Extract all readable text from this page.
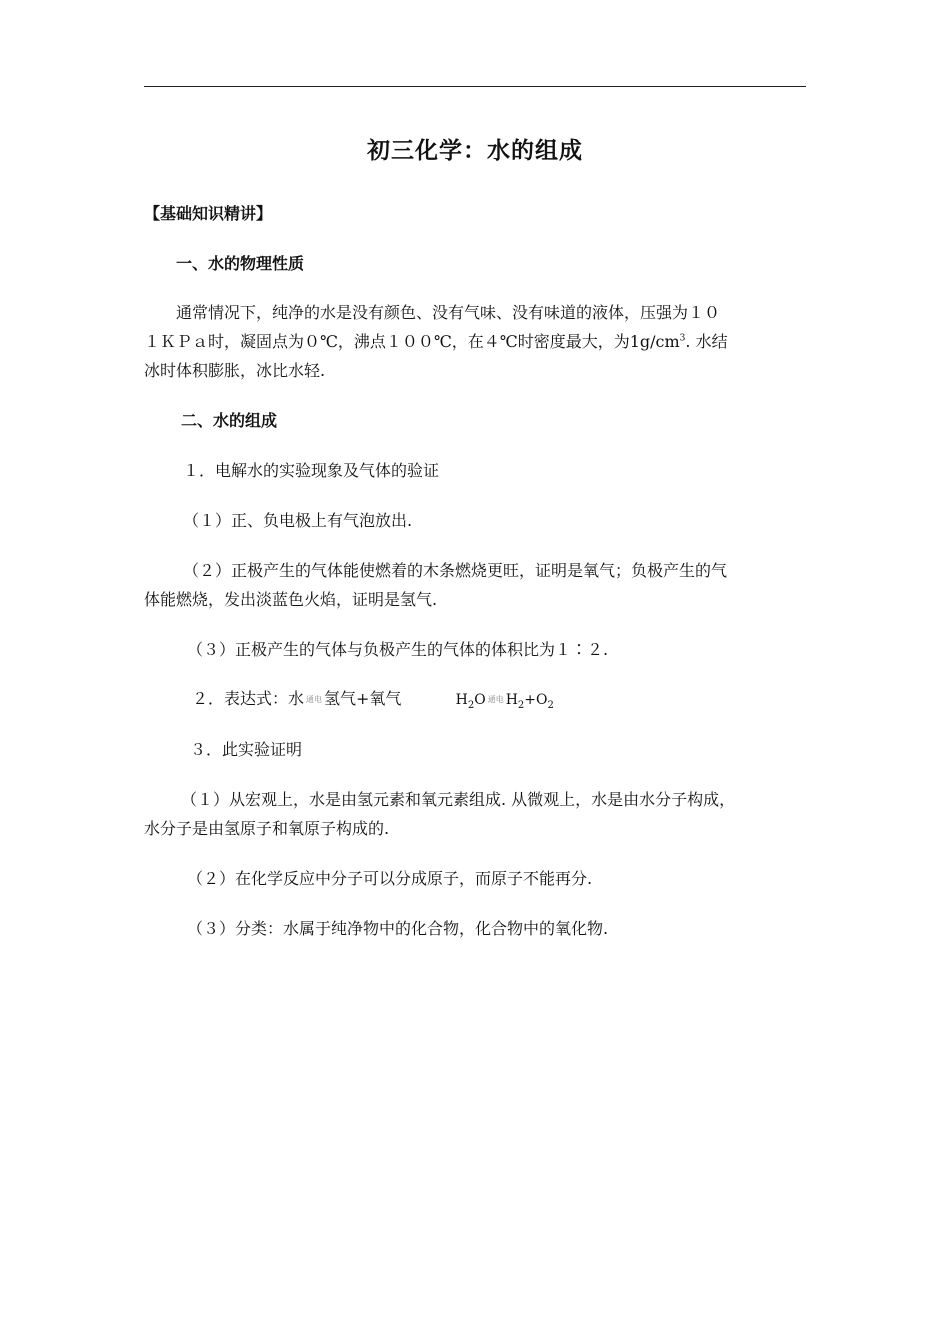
初三化学：水的组成
【基础知识精讲】
一、水的物理性质
通常情况下，纯净的水是没有颜色、没有气味、没有味道的液体，压强为１０
１ＫＰａ时，凝固点为０℃，沸点１００℃，在４℃时密度最大，为$1g/cm^3$. 水结
冰时体积膨胀，冰比水轻.
二、水的组成
１．电解水的实验现象及气体的验证
（１）正、负电极上有气泡放出.
（２）正极产生的气体能使燃着的木条燃烧更旺，证明是氧气；负极产生的气
体能燃烧，发出淡蓝色火焰，证明是氢气.
（３）正极产生的气体与负极产生的气体的体积比为１∶２.
２．表达式：水 通电 氢气+氧气	$H_2O$ 通电 $H_2+O_2$
３．此实验证明
（１）从宏观上，水是由氢元素和氧元素组成. 从微观上，水是由水分子构成，
水分子是由氢原子和氧原子构成的.
（２）在化学反应中分子可以分成原子，而原子不能再分.
（３）分类：水属于纯净物中的化合物，化合物中的氧化物.
